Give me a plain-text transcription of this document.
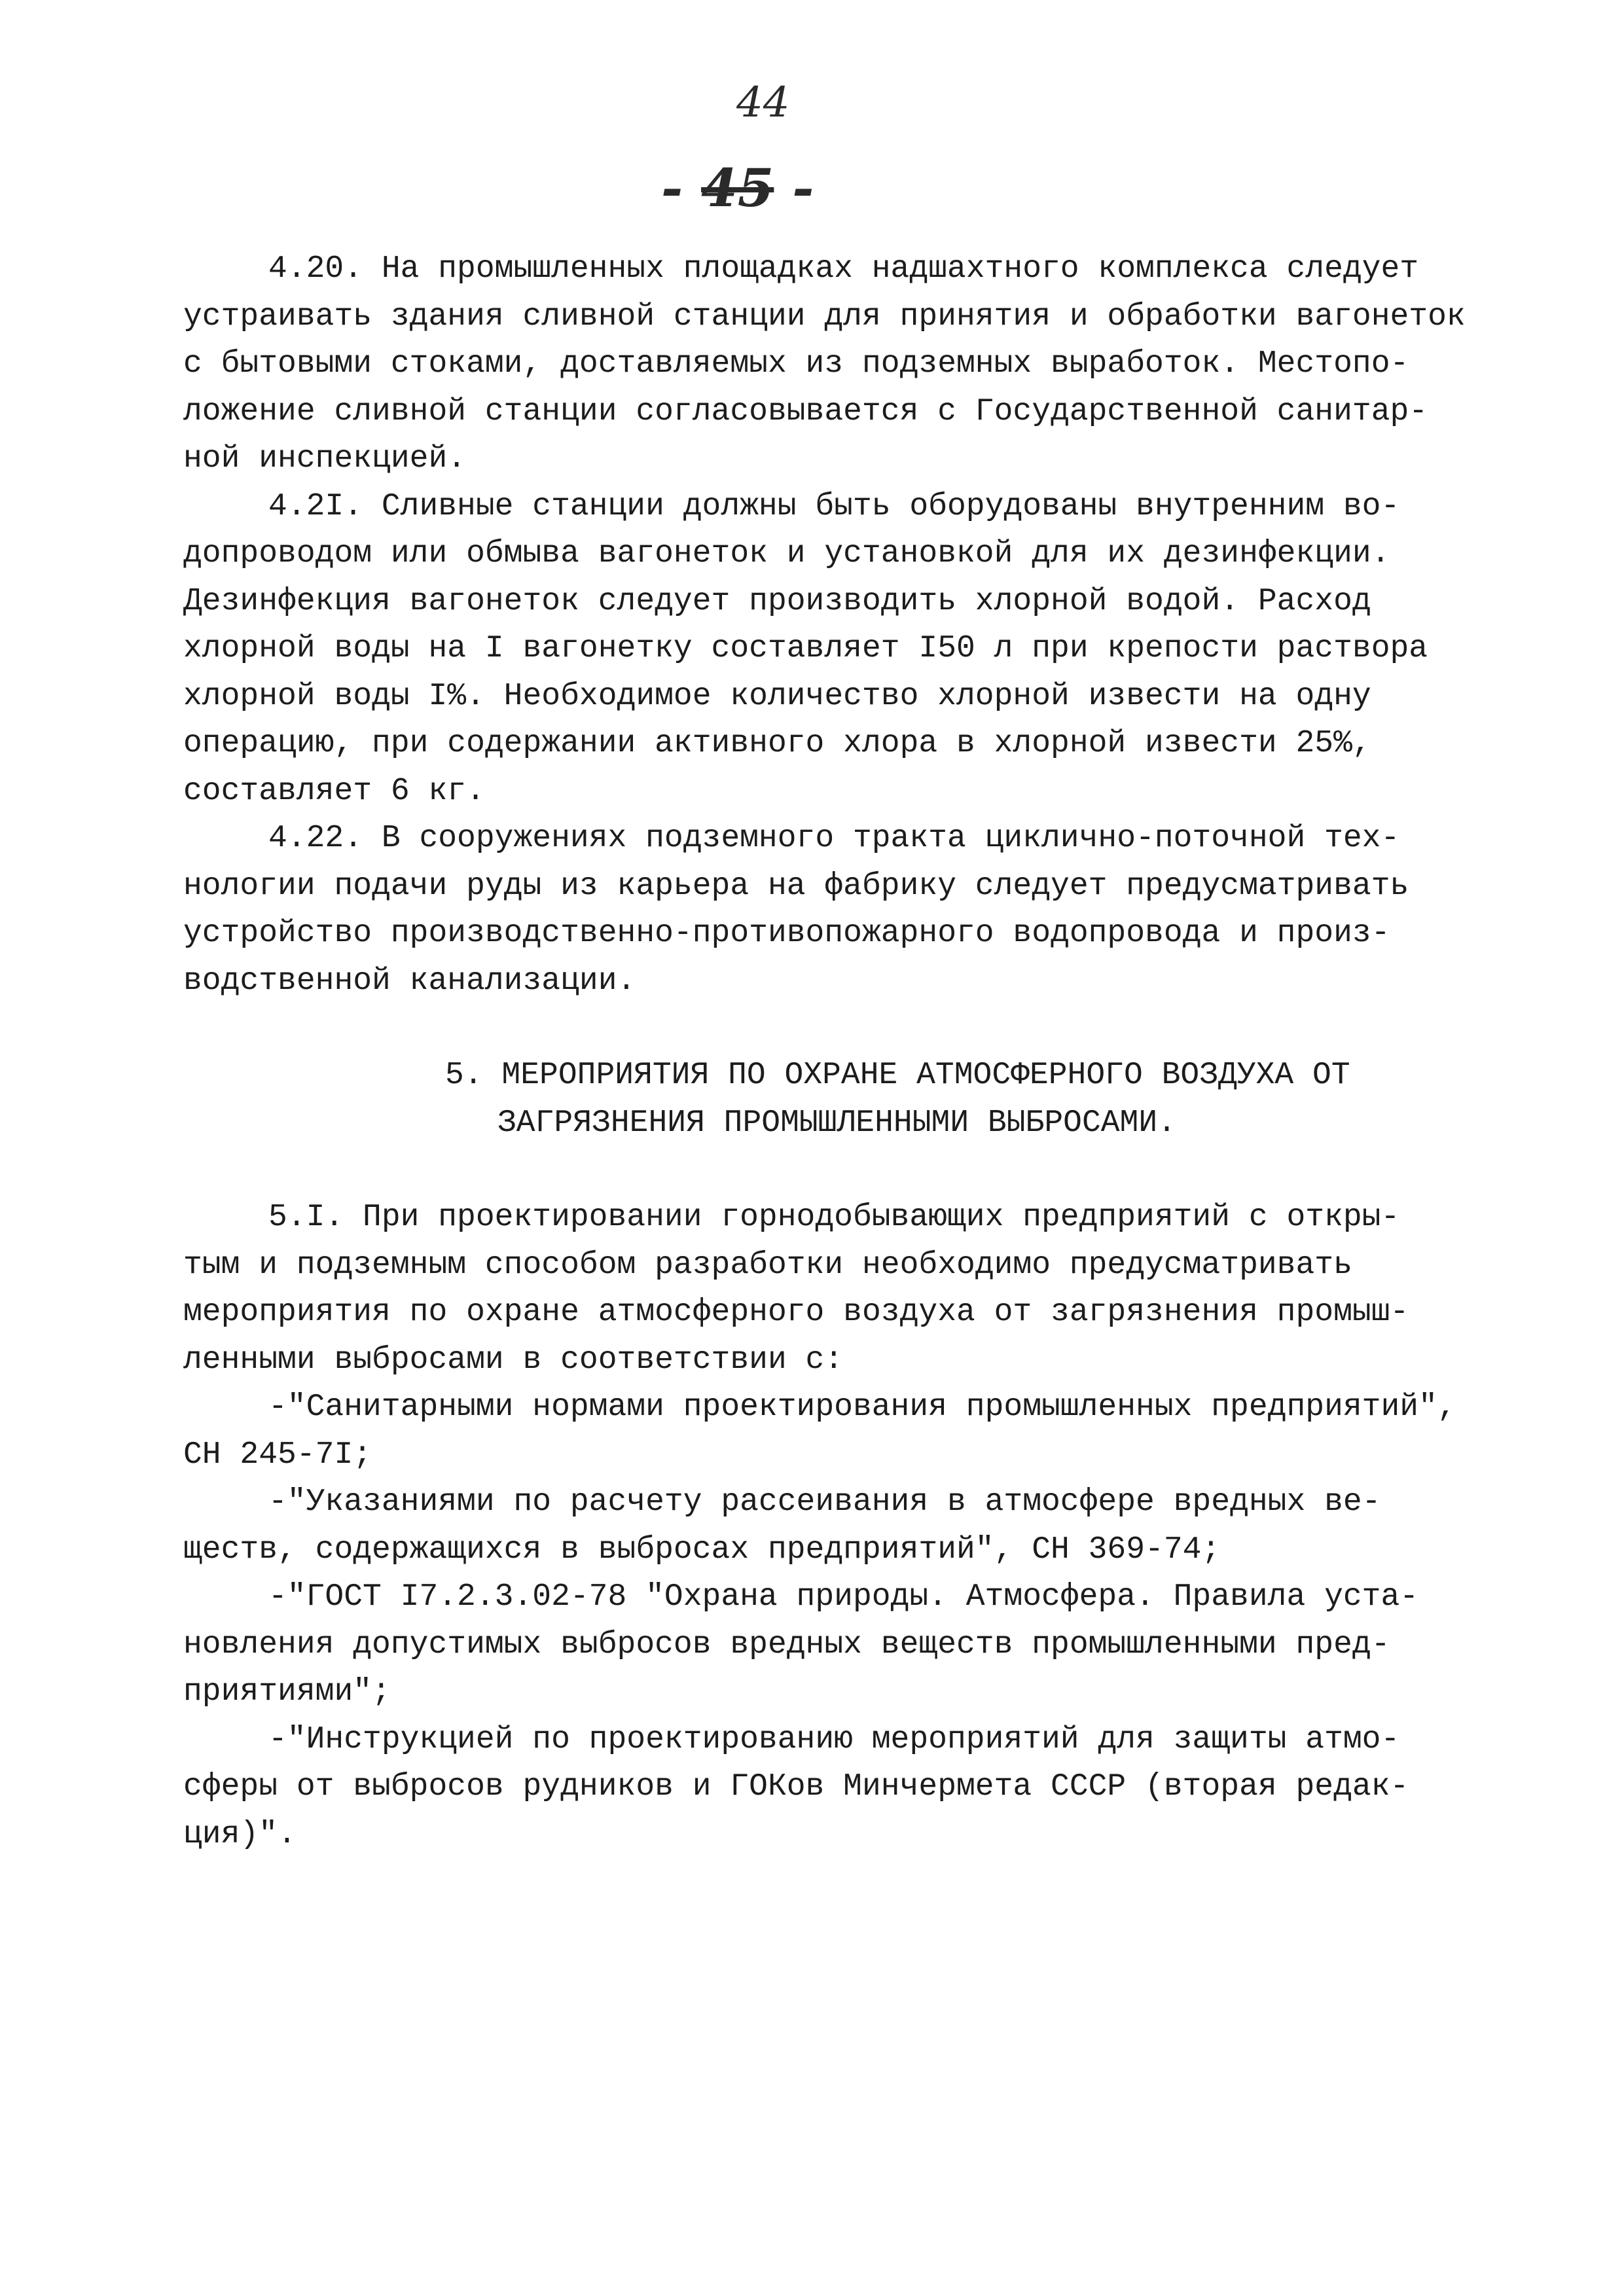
44
- 45 -
4.20. На промышленных площадках надшахтного комплекса следует
устраивать здания сливной станции для принятия и обработки вагонеток
с бытовыми стоками, доставляемых из подземных выработок. Местопо-
ложение сливной станции согласовывается с Государственной санитар-
ной инспекцией.
4.2I. Сливные станции должны быть оборудованы внутренним во-
допроводом или обмыва вагонеток и установкой для их дезинфекции.
Дезинфекция вагонеток следует производить хлорной водой. Расход
хлорной воды на I вагонетку составляет I50 л при крепости раствора
хлорной воды I%. Необходимое количество хлорной извести на одну
операцию, при содержании активного хлора в хлорной извести 25%,
составляет 6 кг.
4.22. В сооружениях подземного тракта циклично-поточной тех-
нологии подачи руды из карьера на фабрику следует предусматривать
устройство производственно-противопожарного водопровода и произ-
водственной канализации.
5. МЕРОПРИЯТИЯ ПО ОХРАНЕ АТМОСФЕРНОГО ВОЗДУХА ОТ
ЗАГРЯЗНЕНИЯ ПРОМЫШЛЕННЫМИ ВЫБРОСАМИ.
5.I. При проектировании горнодобывающих предприятий с откры-
тым и подземным способом разработки необходимо предусматривать
мероприятия по охране атмосферного воздуха от загрязнения промыш-
ленными выбросами в соответствии с:
-"Санитарными нормами проектирования промышленных предприятий",
СН 245-7I;
-"Указаниями по расчету рассеивания в атмосфере вредных ве-
ществ, содержащихся в выбросах предприятий", СН 369-74;
-"ГОСТ I7.2.3.02-78 "Охрана природы. Атмосфера. Правила уста-
новления допустимых выбросов вредных веществ промышленными пред-
приятиями";
-"Инструкцией по проектированию мероприятий для защиты атмо-
сферы от выбросов рудников и ГОКов Минчермета СССР (вторая редак-
ция)".
